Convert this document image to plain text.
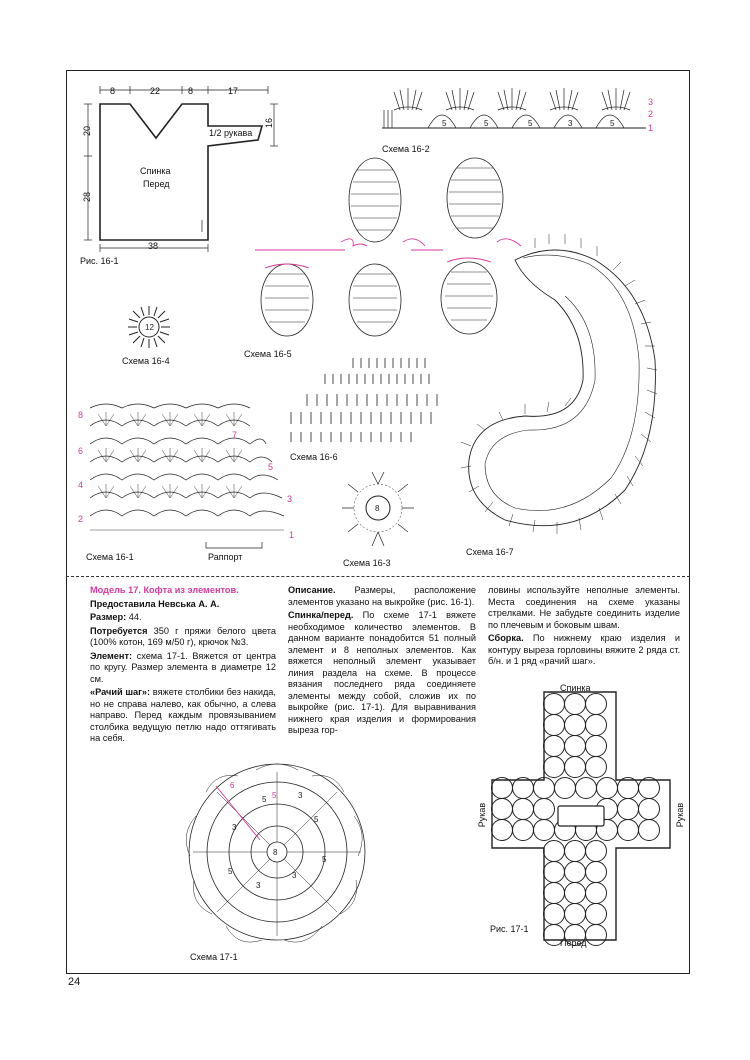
8	22	8	17
20
28
38
16
1/2 рукава
Спинка
Перед
Рис. 16-1
5	5	5	3	5
3
2
1
Схема 16-2
Схема 16-5
Схема 16-7
12
Схема 16-4
Схема 16-6
8
6
4
2
7
5
3
1
Схема 16-1	Раппорт
8
Схема 16-3

Модель 17. Кофта из элементов.

Предоставила Невська А. А.

Размер: 44.

Потребуется 350 г пряжи белого цвета (100% котон, 169 м/50 г), крючок №3.

Элемент: схема 17-1. Вяжется от центра по кругу. Размер элемента в диаметре 12 см.

«Рачий шаг»: вяжете столбики без накида, но не справа налево, как обычно, а слева направо. Перед каждым провязыванием столбика ведущую петлю надо оттягивать на себя.

Описание. Размеры, расположение элементов указано на выкройке (рис. 16-1).

Спинка/перед. По схеме 17-1 вяжете необходимое количество элементов. В данном варианте понадобится 51 полный элемент и 8 неполных элементов. Как вяжется неполный элемент указывает линия раздела на схеме. В процессе вязания последнего ряда соединяете элементы между собой, сложив их по выкройке (рис. 17-1). Для выравнивания нижнего края изделия и формирования выреза гор-

ловины используйте неполные элементы. Места соединения на схеме указаны стрелками. Не забудьте соединить изделие по плечевым и боковым швам.

Сборка. По нижнему краю изделия и контуру выреза горловины вяжите 2 ряда ст. б/н. и 1 ряд «рачий шаг».

8
5
3
5
3
3
5
3
5
6
5
Схема 17-1
Спинка
Перед
Рукав	Рукав
Рис. 17-1
24
